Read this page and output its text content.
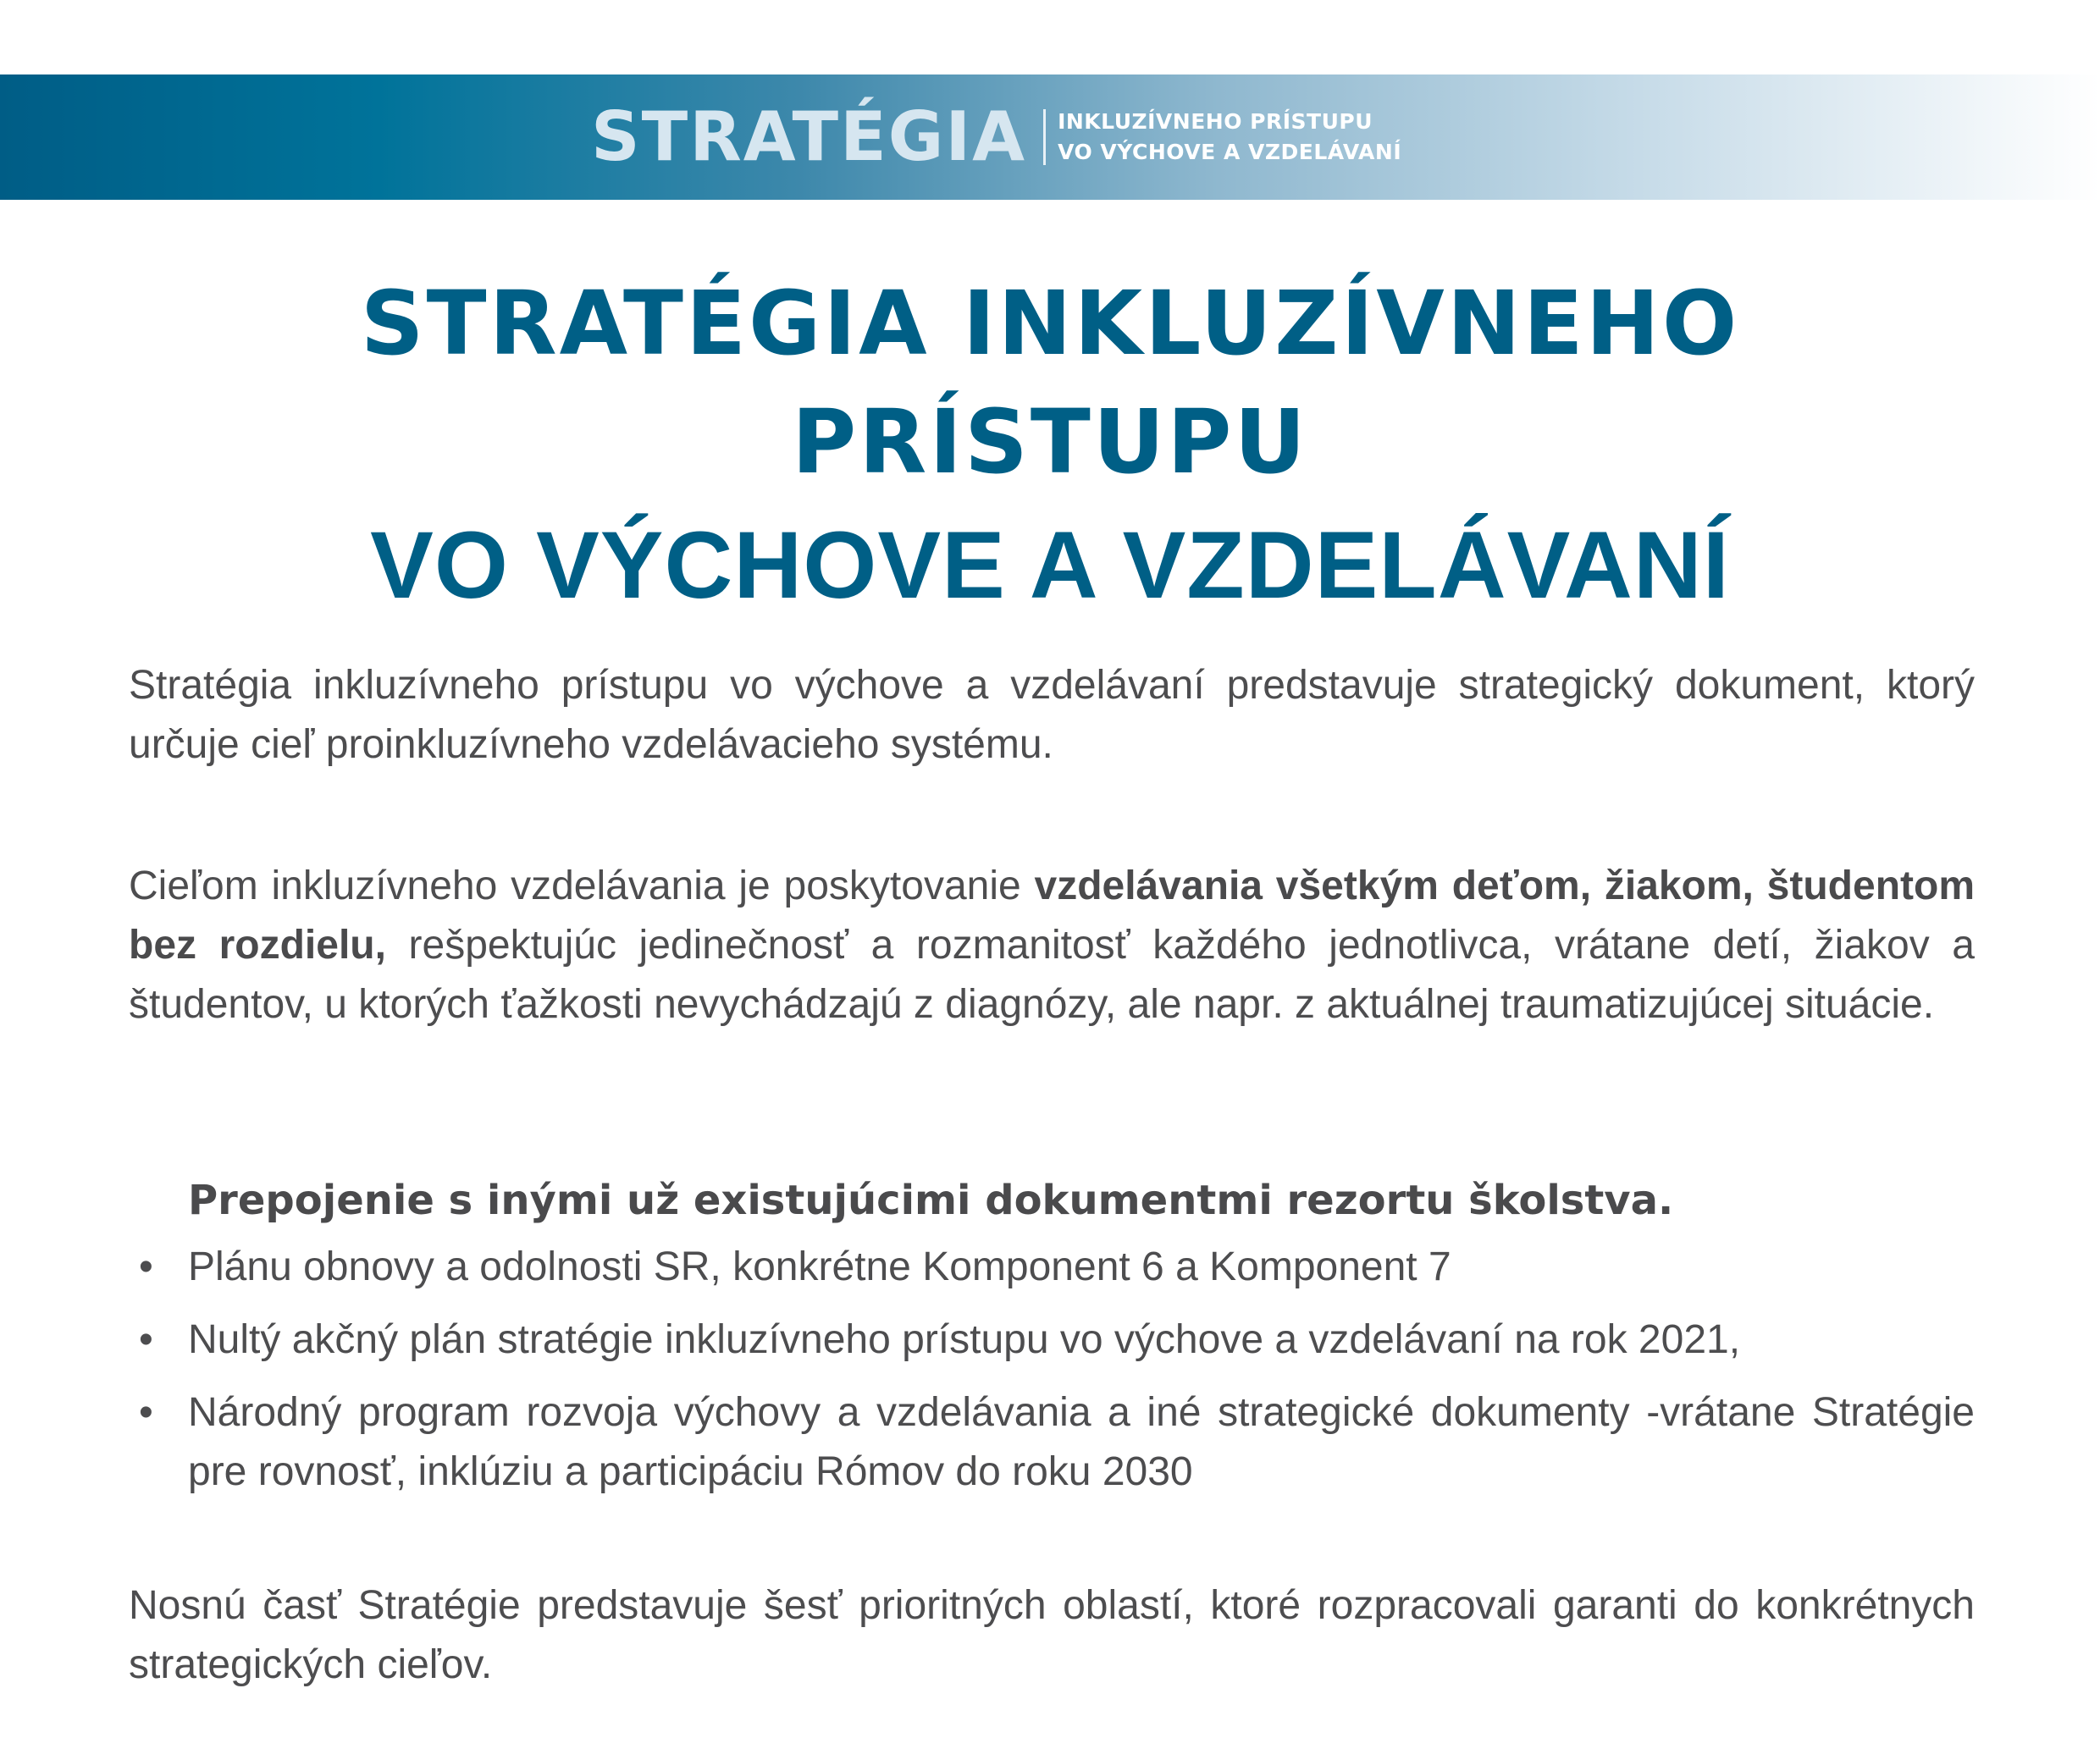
STRATÉGIA INKLUZÍVNEHO PRÍSTUPU
VO VÝCHOVE A VZDELÁVANÍ
STRATÉGIA INKLUZÍVNEHO
PRÍSTUPU
VO VÝCHOVE A VZDELÁVANÍ

Stratégia inkluzívneho prístupu vo výchove a vzdelávaní predstavuje strategický dokument, ktorý určuje cieľ proinkluzívneho vzdelávacieho systému.

Cieľom inkluzívneho vzdelávania je poskytovanie vzdelávania všetkým deťom, žiakom, študentom bez rozdielu, rešpektujúc jedinečnosť a rozmanitosť každého jednotlivca, vrátane detí, žiakov a študentov, u ktorých ťažkosti nevychádzajú z diagnózy, ale napr. z aktuálnej traumatizujúcej situácie.

Prepojenie s inými už existujúcimi dokumentmi rezortu školstva.
• Plánu obnovy a odolnosti SR, konkrétne Komponent 6 a Komponent 7
• Nultý akčný plán stratégie inkluzívneho prístupu vo výchove a vzdelávaní na rok 2021,
• Národný program rozvoja výchovy a vzdelávania a iné strategické dokumenty -vrátane Stratégie pre rovnosť, inklúziu a participáciu Rómov do roku 2030

Nosnú časť Stratégie predstavuje šesť prioritných oblastí, ktoré rozpracovali garanti do konkrétnych strategických cieľov.
